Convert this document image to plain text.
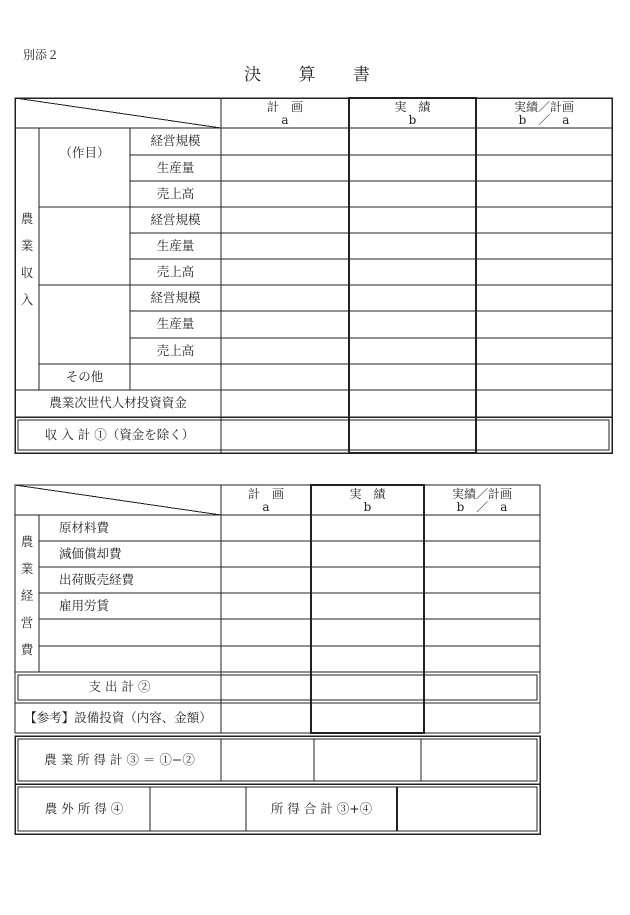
別添２
決 算 書
計　画
a
実　績
b
実績／計画
b　／　a
農
業
収
入
（作目）
経営規模
生産量
売上高
経営規模
生産量
売上高
経営規模
生産量
売上高
その他
農業次世代人材投資資金
収 入 計 ①（資金を除く）
計　画
a
実　績
b
実績／計画
b　／　a
農
業
経
営
費
原材料費
減価償却費
出荷販売経費
雇用労賃
支 出 計 ②
【参考】設備投資（内容、金額）
農 業 所 得 計 ③ ＝ ①−②
農 外 所 得 ④	所 得 合 計 ③+④
